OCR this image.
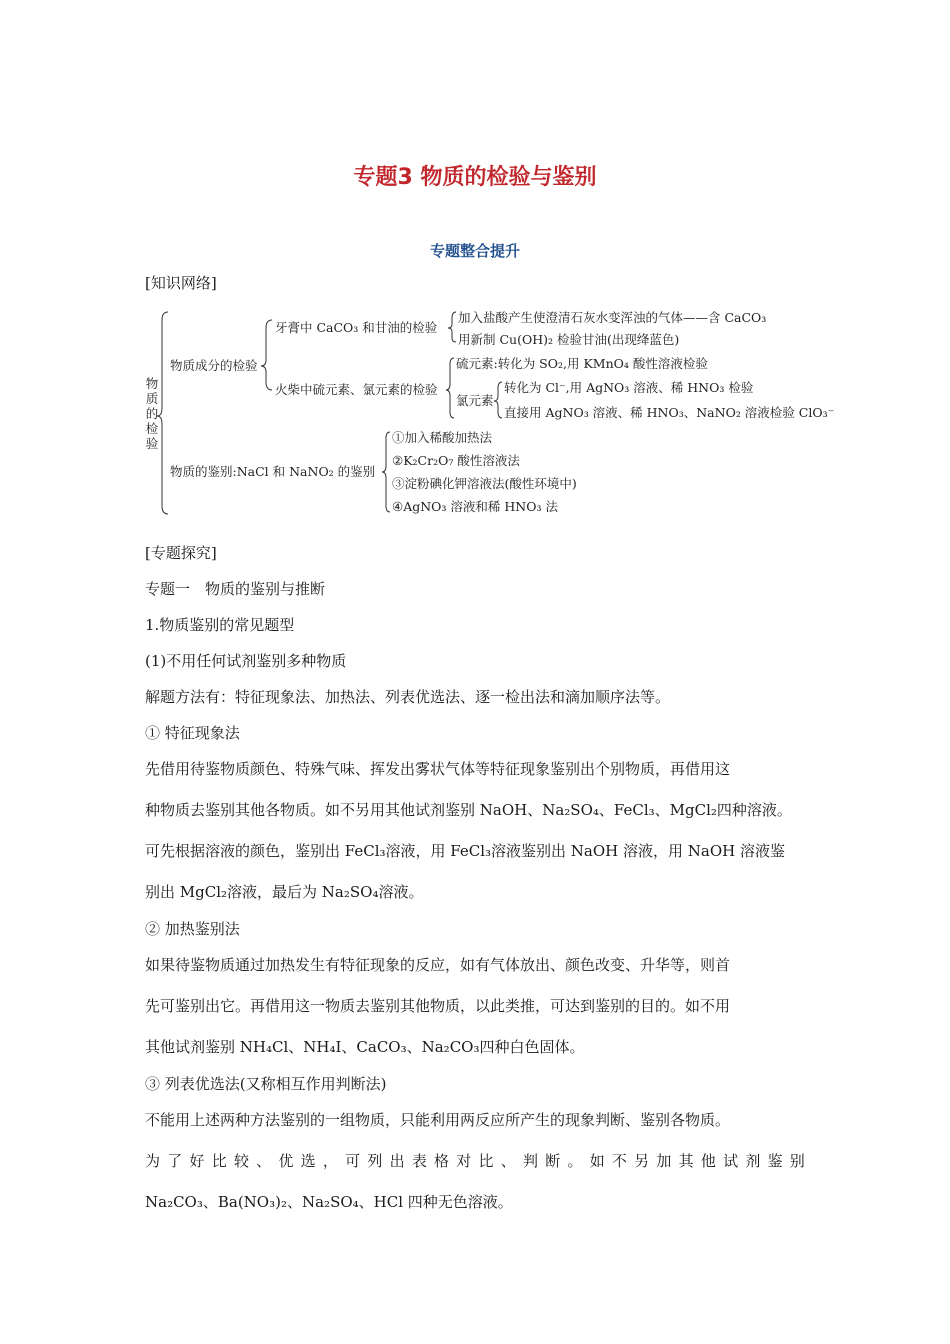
专题3 物质的检验与鉴别
专题整合提升
[知识网络]
物质的检验
物质成分的检验
牙膏中 CaCO₃ 和甘油的检验
加入盐酸产生使澄清石灰水变浑浊的气体——含 CaCO₃
用新制 Cu(OH)₂ 检验甘油(出现绛蓝色)
火柴中硫元素、氯元素的检验
硫元素:转化为 SO₂,用 KMnO₄ 酸性溶液检验
氯元素
转化为 Cl⁻,用 AgNO₃ 溶液、稀 HNO₃ 检验
直接用 AgNO₃ 溶液、稀 HNO₃、NaNO₂ 溶液检验 ClO₃⁻
物质的鉴别:NaCl 和 NaNO₂ 的鉴别
①加入稀酸加热法
②K₂Cr₂O₇ 酸性溶液法
③淀粉碘化钾溶液法(酸性环境中)
④AgNO₃ 溶液和稀 HNO₃ 法
[专题探究]
专题一　物质的鉴别与推断
1.物质鉴别的常见题型
(1)不用任何试剂鉴别多种物质
解题方法有：特征现象法、加热法、列表优选法、逐一检出法和滴加顺序法等。
① 特征现象法
先借用待鉴物质颜色、特殊气味、挥发出雾状气体等特征现象鉴别出个别物质，再借用这
种物质去鉴别其他各物质。如不另用其他试剂鉴别 NaOH、Na₂SO₄、FeCl₃、MgCl₂四种溶液。
可先根据溶液的颜色，鉴别出 FeCl₃溶液，用 FeCl₃溶液鉴别出 NaOH 溶液，用 NaOH 溶液鉴
别出 MgCl₂溶液，最后为 Na₂SO₄溶液。
② 加热鉴别法
如果待鉴物质通过加热发生有特征现象的反应，如有气体放出、颜色改变、升华等，则首
先可鉴别出它。再借用这一物质去鉴别其他物质，以此类推，可达到鉴别的目的。如不用
其他试剂鉴别 NH₄Cl、NH₄I、CaCO₃、Na₂CO₃四种白色固体。
③ 列表优选法(又称相互作用判断法)
不能用上述两种方法鉴别的一组物质，只能利用两反应所产生的现象判断、鉴别各物质。
为 了 好 比 较 、 优 选 ， 可 列 出 表 格 对 比 、 判 断 。 如 不 另 加 其 他 试 剂 鉴 别
Na₂CO₃、Ba(NO₃)₂、Na₂SO₄、HCl 四种无色溶液。
